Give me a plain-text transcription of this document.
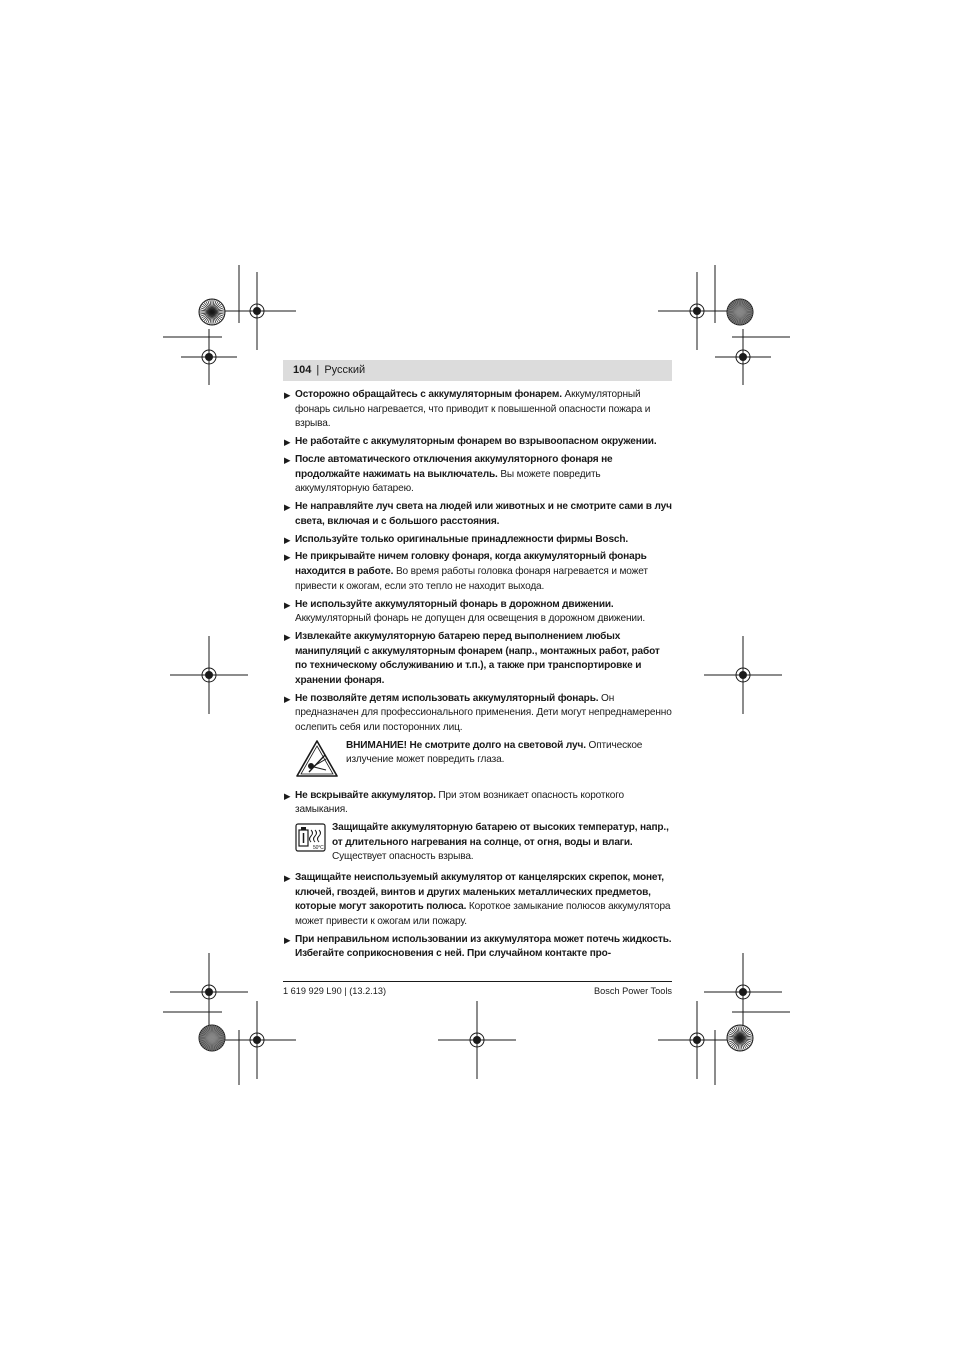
104 | Русский
▶ Осторожно обращайтесь с аккумуляторным фонарем. Аккумуляторный фонарь сильно нагревается, что приводит к повышенной опасности пожара и взрыва.
▶ Не работайте с аккумуляторным фонарем во взрывоопасном окружении.
▶ После автоматического отключения аккумуляторного фонаря не продолжайте нажимать на выключатель. Вы можете повредить аккумуляторную батарею.
▶ Не направляйте луч света на людей или животных и не смотрите сами в луч света, включая и с большого расстояния.
▶ Используйте только оригинальные принадлежности фирмы Bosch.
▶ Не прикрывайте ничем головку фонаря, когда аккумуляторный фонарь находится в работе. Во время работы головка фонаря нагревается и может привести к ожогам, если это тепло не находит выхода.
▶ Не используйте аккумуляторный фонарь в дорожном движении. Аккумуляторный фонарь не допущен для освещения в дорожном движении.
▶ Извлекайте аккумуляторную батарею перед выполнением любых манипуляций с аккумуляторным фонарем (напр., монтажных работ, работ по техническому обслуживанию и т.п.), а также при транспортировке и хранении фонаря.
▶ Не позволяйте детям использовать аккумуляторный фонарь. Он предназначен для профессионального применения. Дети могут непреднамеренно ослепить себя или посторонних лиц.
ВНИМАНИЕ! Не смотрите долго на световой луч. Оптическое излучение может повредить глаза.
▶ Не вскрывайте аккумулятор. При этом возникает опасность короткого замыкания.
50°C
Защищайте аккумуляторную батарею от высоких температур, напр., от длительного нагревания на солнце, от огня, воды и влаги. Существует опасность взрыва.
▶ Защищайте неиспользуемый аккумулятор от канцелярских скрепок, монет, ключей, гвоздей, винтов и других маленьких металлических предметов, которые могут закоротить полюса. Короткое замыкание полюсов аккумулятора может привести к ожогам или пожару.
▶ При неправильном использовании из аккумулятора может потечь жидкость. Избегайте соприкосновения с ней. При случайном контакте про-
1 619 929 L90 | (13.2.13)	Bosch Power Tools
